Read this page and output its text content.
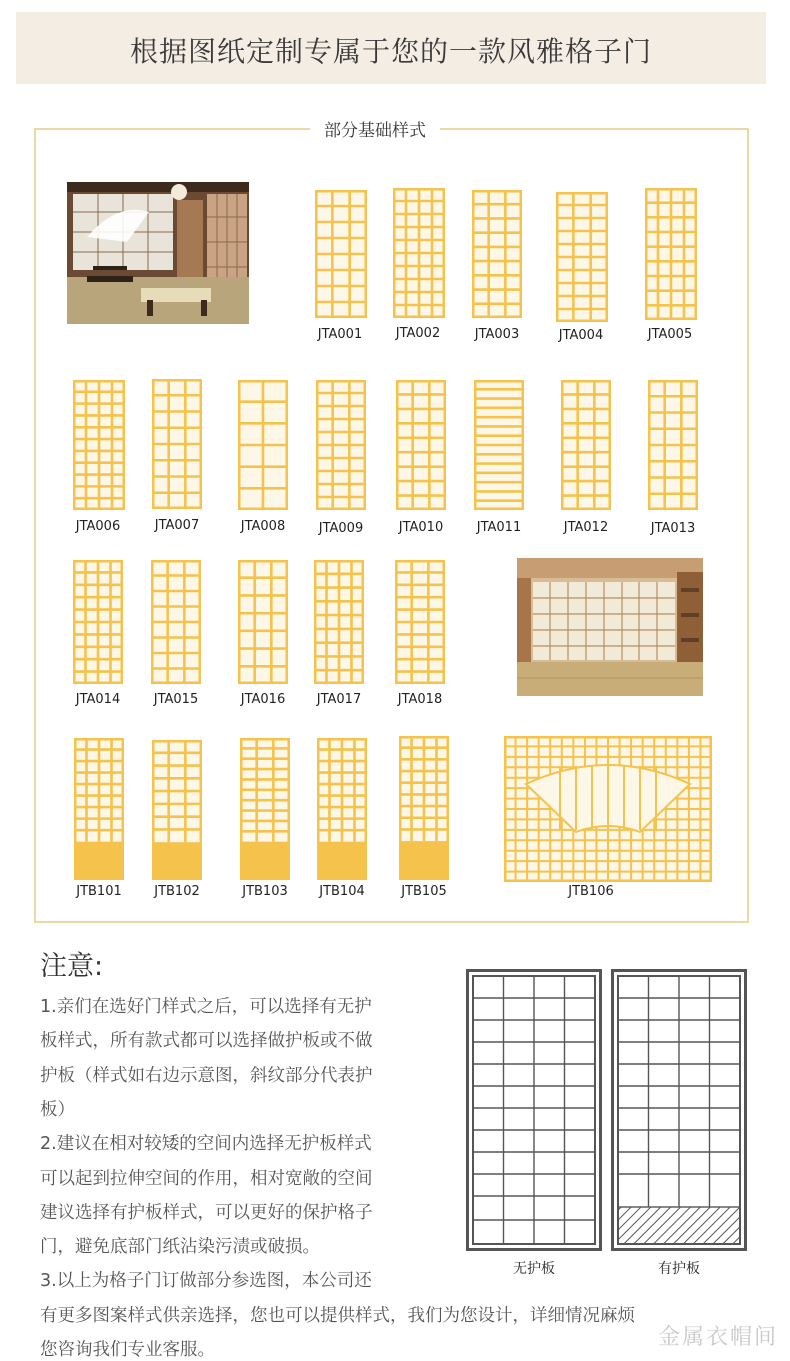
根据图纸定制专属于您的一款风雅格子门
部分基础样式
JTA001	JTA002	JTA003	JTA004	JTA005
JTA006	JTA007	JTA008	JTA009	JTA010	JTA011	JTA012	JTA013
JTA014	JTA015	JTA016	JTA017	JTA018
JTB101	JTB102	JTB103	JTB104	JTB105	JTB106
注意:
1.亲们在选好门样式之后，可以选择有无护
板样式，所有款式都可以选择做护板或不做
护板（样式如右边示意图，斜纹部分代表护
板）
2.建议在相对较矮的空间内选择无护板样式
可以起到拉伸空间的作用，相对宽敞的空间
建议选择有护板样式，可以更好的保护格子
门，避免底部门纸沾染污渍或破损。
3.以上为格子门订做部分参选图，本公司还
有更多图案样式供亲选择，您也可以提供样式，我们为您设计，详细情况麻烦
您咨询我们专业客服。
无护板	有护板
金属衣帽间
